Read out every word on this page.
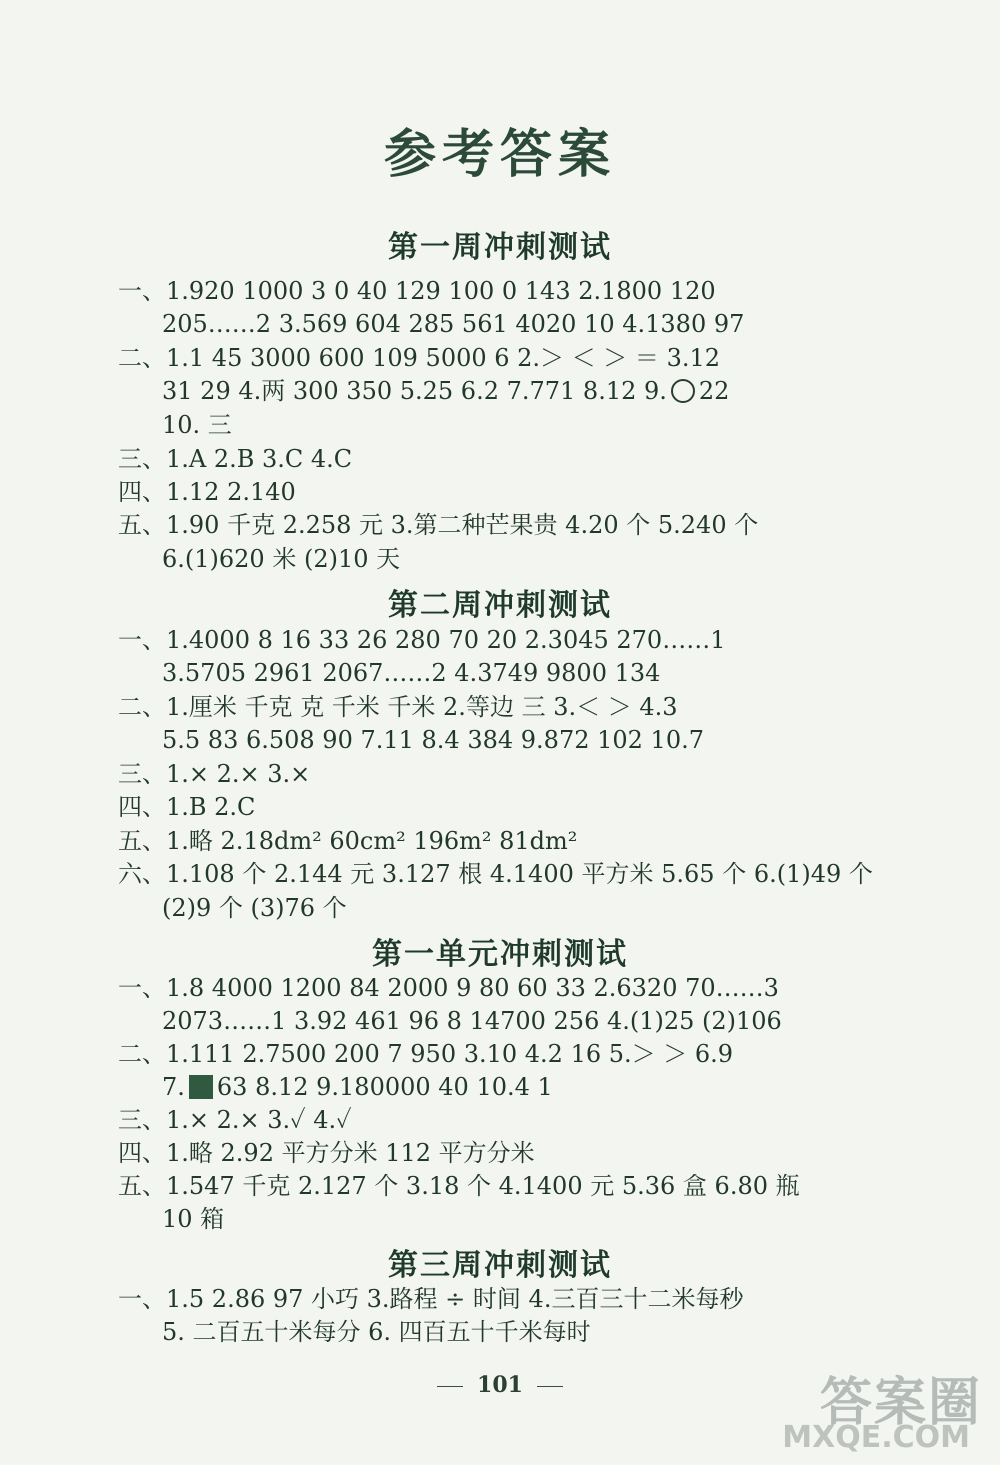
参考答案
第一周冲刺测试
一、1.920 1000 3 0 40 129 100 0 143 2.1800 120
205……2 3.569 604 285 561 4020 10 4.1380 97
二、1.1 45 3000 600 109 5000 6 2.＞ ＜ ＞ ＝ 3.12
31 29 4.两 300 350 5.25 6.2 7.771 8.12 9. 22
10. 三
三、1.A 2.B 3.C 4.C
四、1.12 2.140
五、1.90 千克 2.258 元 3.第二种芒果贵 4.20 个 5.240 个
6.(1)620 米 (2)10 天
第二周冲刺测试
一、1.4000 8 16 33 26 280 70 20 2.3045 270……1
3.5705 2961 2067……2 4.3749 9800 134
二、1.厘米 千克 克 千米 千米 2.等边 三 3.＜ ＞ 4.3
5.5 83 6.508 90 7.11 8.4 384 9.872 102 10.7
三、1.× 2.× 3.×
四、1.B 2.C
五、1.略 2.18dm² 60cm² 196m² 81dm²
六、1.108 个 2.144 元 3.127 根 4.1400 平方米 5.65 个 6.(1)49 个
(2)9 个 (3)76 个
第一单元冲刺测试
一、1.8 4000 1200 84 2000 9 80 60 33 2.6320 70……3
2073……1 3.92 461 96 8 14700 256 4.(1)25 (2)106
二、1.111 2.7500 200 7 950 3.10 4.2 16 5.＞ ＞ 6.9
7. 63 8.12 9.180000 40 10.4 1
三、1.× 2.× 3.✓ 4.✓
四、1.略 2.92 平方分米 112 平方分米
五、1.547 千克 2.127 个 3.18 个 4.1400 元 5.36 盒 6.80 瓶
10 箱
第三周冲刺测试
一、1.5 2.86 97 小巧 3.路程 ÷ 时间 4.三百三十二米每秒
5. 二百五十米每分 6. 四百五十千米每时
101	答案圈
MXQE.COM
